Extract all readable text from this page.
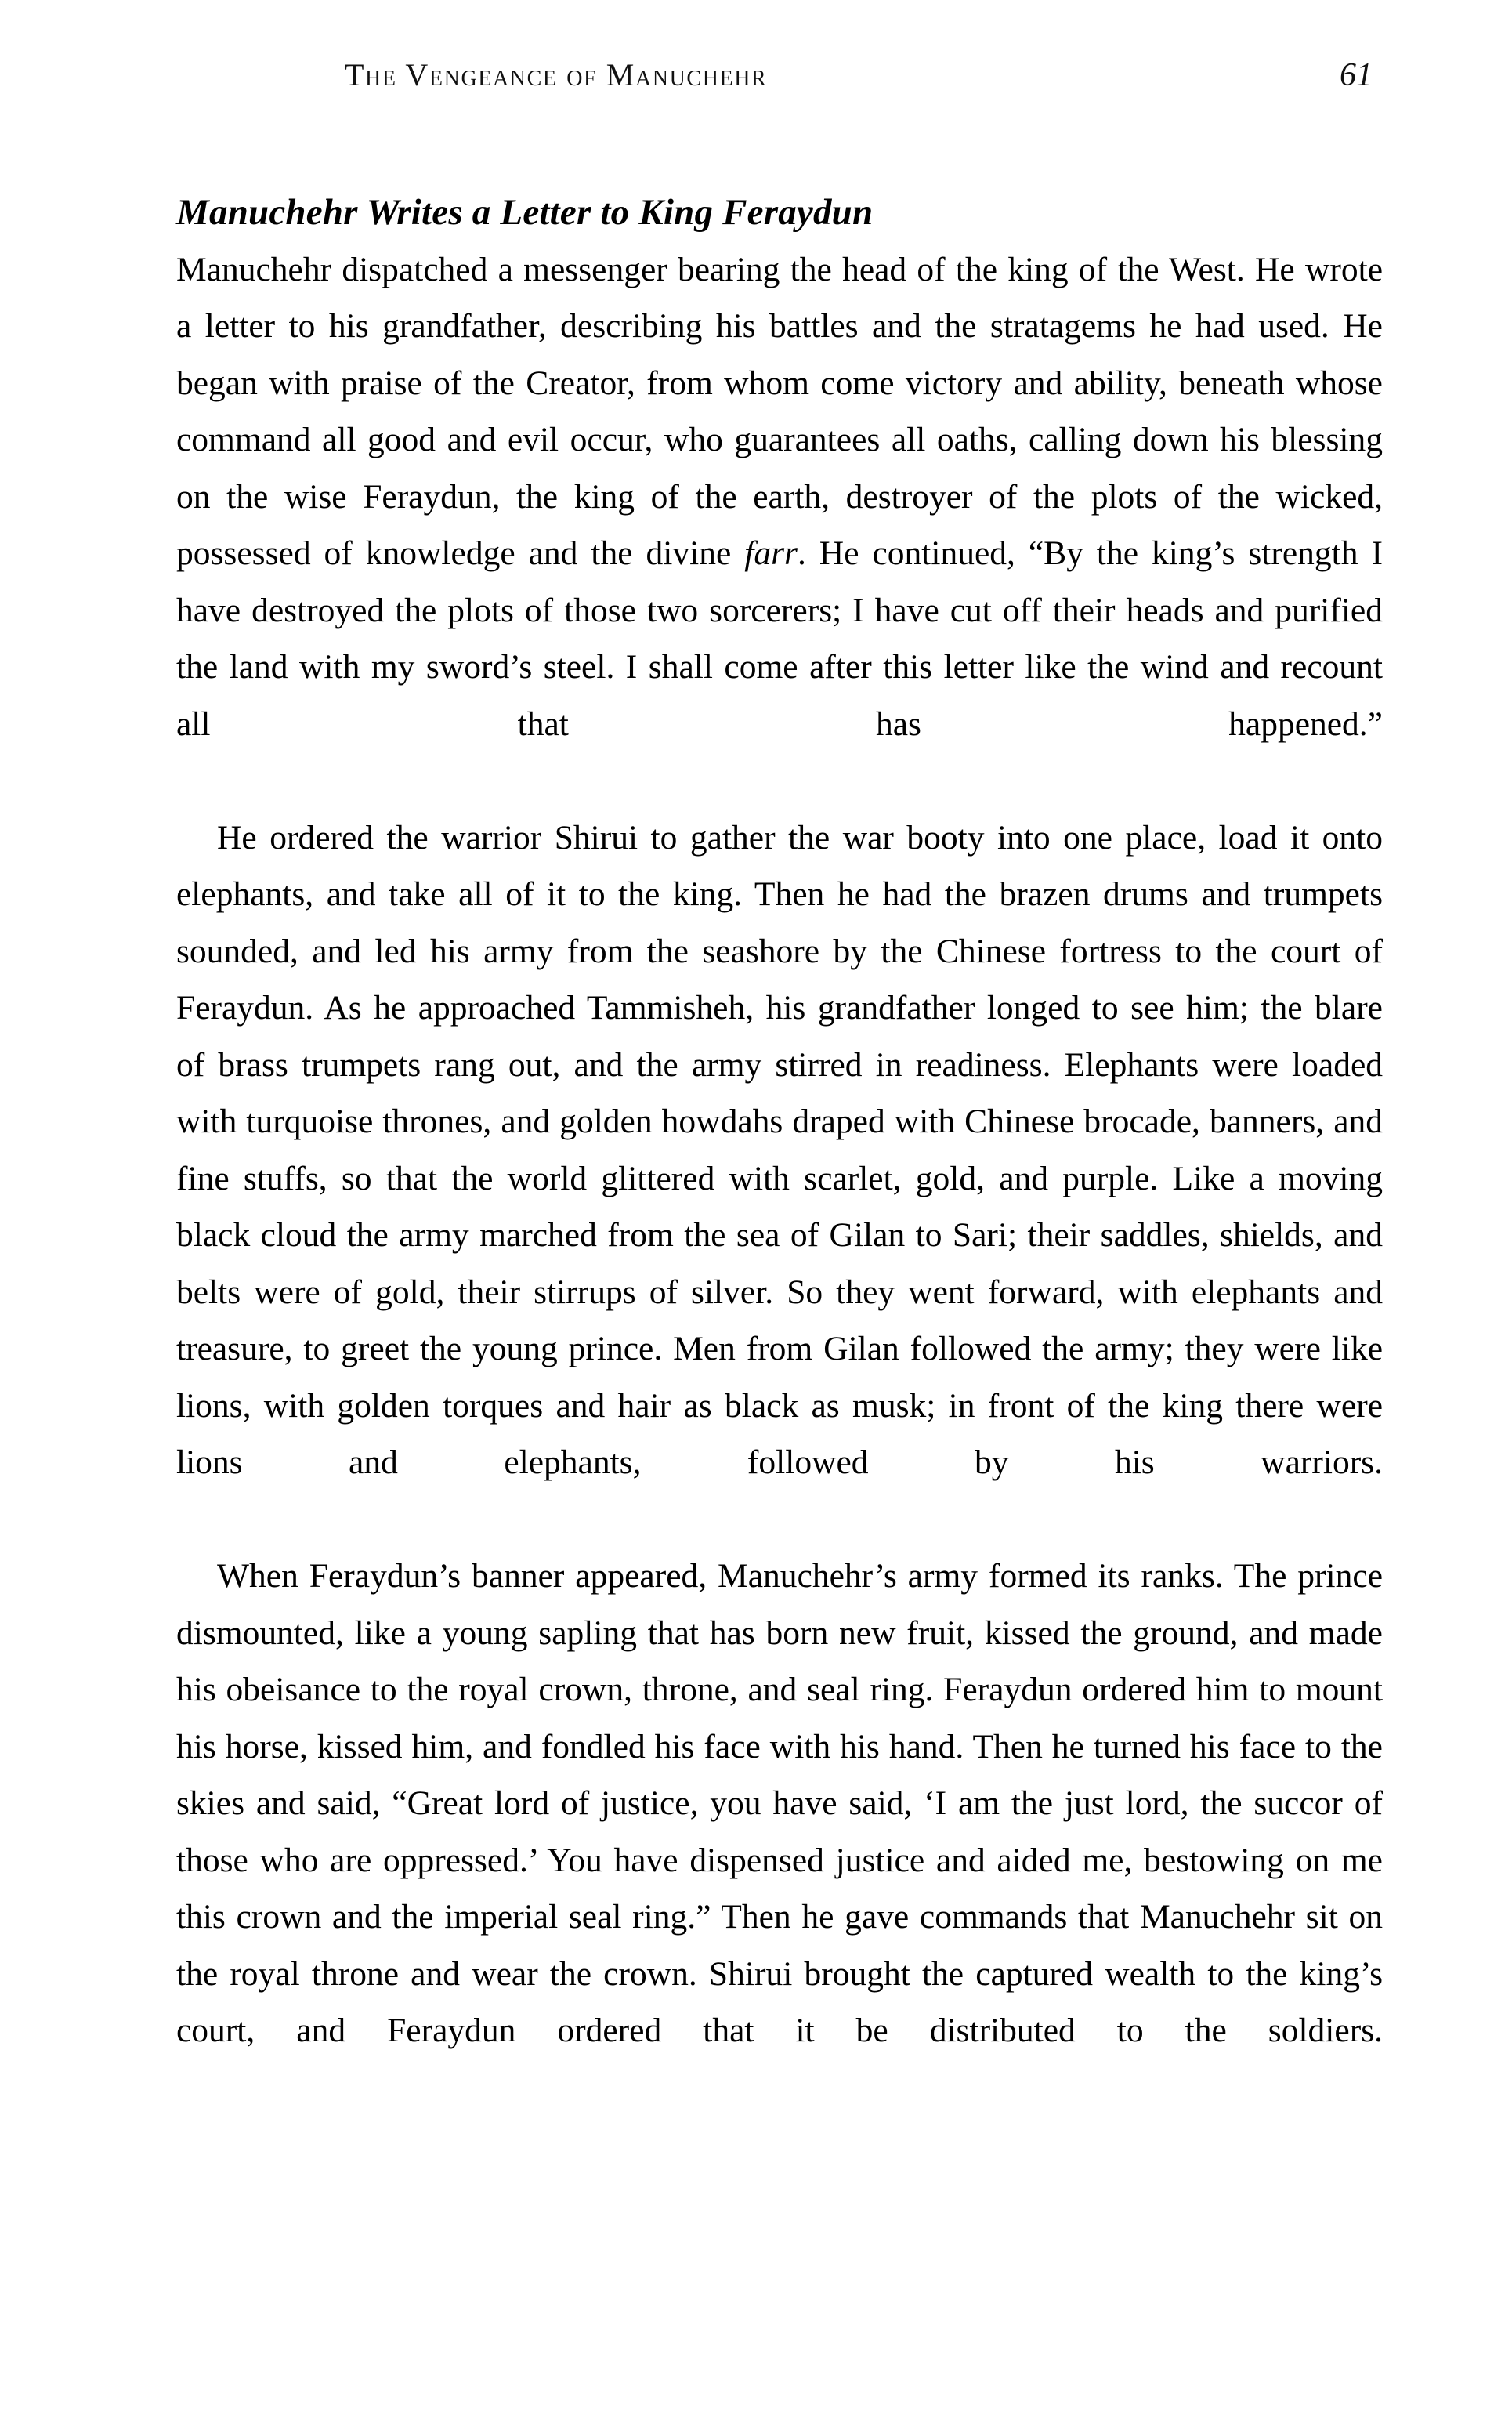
The Vengeance of Manuchehr	61
Manuchehr Writes a Letter to King Feraydun

Manuchehr dispatched a messenger bearing the head of the king of the West. He wrote a letter to his grandfather, describing his battles and the stratagems he had used. He began with praise of the Creator, from whom come victory and ability, beneath whose command all good and evil occur, who guarantees all oaths, calling down his blessing on the wise Feraydun, the king of the earth, destroyer of the plots of the wicked, possessed of knowledge and the divine farr. He continued, “By the king’s strength I have destroyed the plots of those two sorcerers; I have cut off their heads and purified the land with my sword’s steel. I shall come after this letter like the wind and recount all that has happened.”

He ordered the warrior Shirui to gather the war booty into one place, load it onto elephants, and take all of it to the king. Then he had the brazen drums and trumpets sounded, and led his army from the seashore by the Chinese fortress to the court of Feraydun. As he approached Tammisheh, his grandfather longed to see him; the blare of brass trumpets rang out, and the army stirred in readiness. Elephants were loaded with turquoise thrones, and golden howdahs draped with Chinese brocade, banners, and fine stuffs, so that the world glittered with scarlet, gold, and purple. Like a moving black cloud the army marched from the sea of Gilan to Sari; their saddles, shields, and belts were of gold, their stirrups of silver. So they went forward, with elephants and treasure, to greet the young prince. Men from Gilan followed the army; they were like lions, with golden torques and hair as black as musk; in front of the king there were lions and elephants, followed by his warriors.

When Feraydun’s banner appeared, Manuchehr’s army formed its ranks. The prince dismounted, like a young sapling that has born new fruit, kissed the ground, and made his obeisance to the royal crown, throne, and seal ring. Feraydun ordered him to mount his horse, kissed him, and fondled his face with his hand. Then he turned his face to the skies and said, “Great lord of justice, you have said, ‘I am the just lord, the succor of those who are oppressed.’ You have dispensed justice and aided me, bestowing on me this crown and the imperial seal ring.” Then he gave commands that Manuchehr sit on the royal throne and wear the crown. Shirui brought the captured wealth to the king’s court, and Feraydun ordered that it be distributed to the soldiers.
